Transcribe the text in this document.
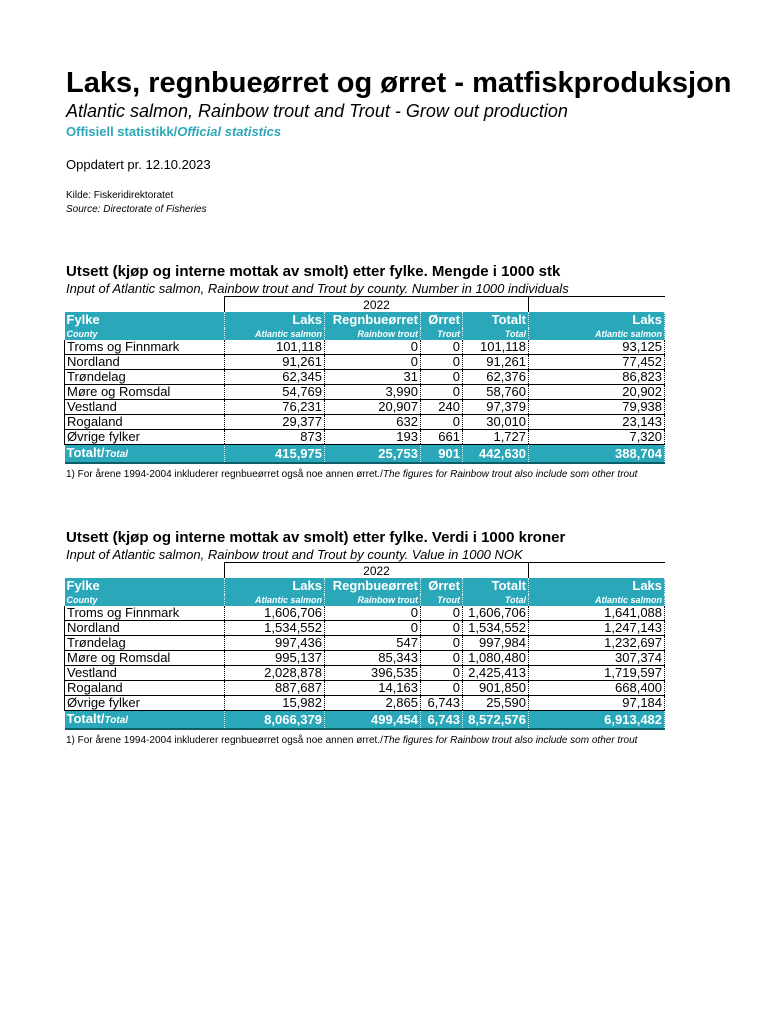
Laks, regnbueørret og ørret - matfiskproduksjon
Atlantic salmon, Rainbow trout and Trout - Grow out production
Offisiell statistikk/Official statistics
Oppdatert pr. 12.10.2023
Kilde: Fiskeridirektoratet
Source: Directorate of Fisheries
Utsett (kjøp og interne mottak av smolt) etter fylke. Mengde i 1000 stk
Input of Atlantic salmon, Rainbow trout and Trout by county. Number in 1000 individuals
	2022				
Fylke	Laks	Regnbueørret	Ørret	Totalt	Laks
County	Atlantic salmon	Rainbow trout	Trout	Total	Atlantic salmon
Troms og Finnmark	101,118	0	0	101,118	93,125
Nordland	91,261	0	0	91,261	77,452
Trøndelag	62,345	31	0	62,376	86,823
Møre og Romsdal	54,769	3,990	0	58,760	20,902
Vestland	76,231	20,907	240	97,379	79,938
Rogaland	29,377	632	0	30,010	23,143
Øvrige fylker	873	193	661	1,727	7,320
Totalt/Total	415,975	25,753	901	442,630	388,704
1) For årene 1994-2004 inkluderer regnbueørret også noe annen ørret./The figures for Rainbow trout also include som other trout
Utsett (kjøp og interne mottak av smolt) etter fylke. Verdi i 1000 kroner
Input of Atlantic salmon, Rainbow trout and Trout by county. Value in 1000 NOK
	2022				
Fylke	Laks	Regnbueørret	Ørret	Totalt	Laks
County	Atlantic salmon	Rainbow trout	Trout	Total	Atlantic salmon
Troms og Finnmark	1,606,706	0	0	1,606,706	1,641,088
Nordland	1,534,552	0	0	1,534,552	1,247,143
Trøndelag	997,436	547	0	997,984	1,232,697
Møre og Romsdal	995,137	85,343	0	1,080,480	307,374
Vestland	2,028,878	396,535	0	2,425,413	1,719,597
Rogaland	887,687	14,163	0	901,850	668,400
Øvrige fylker	15,982	2,865	6,743	25,590	97,184
Totalt/Total	8,066,379	499,454	6,743	8,572,576	6,913,482
1) For årene 1994-2004 inkluderer regnbueørret også noe annen ørret./The figures for Rainbow trout also include som other trout
